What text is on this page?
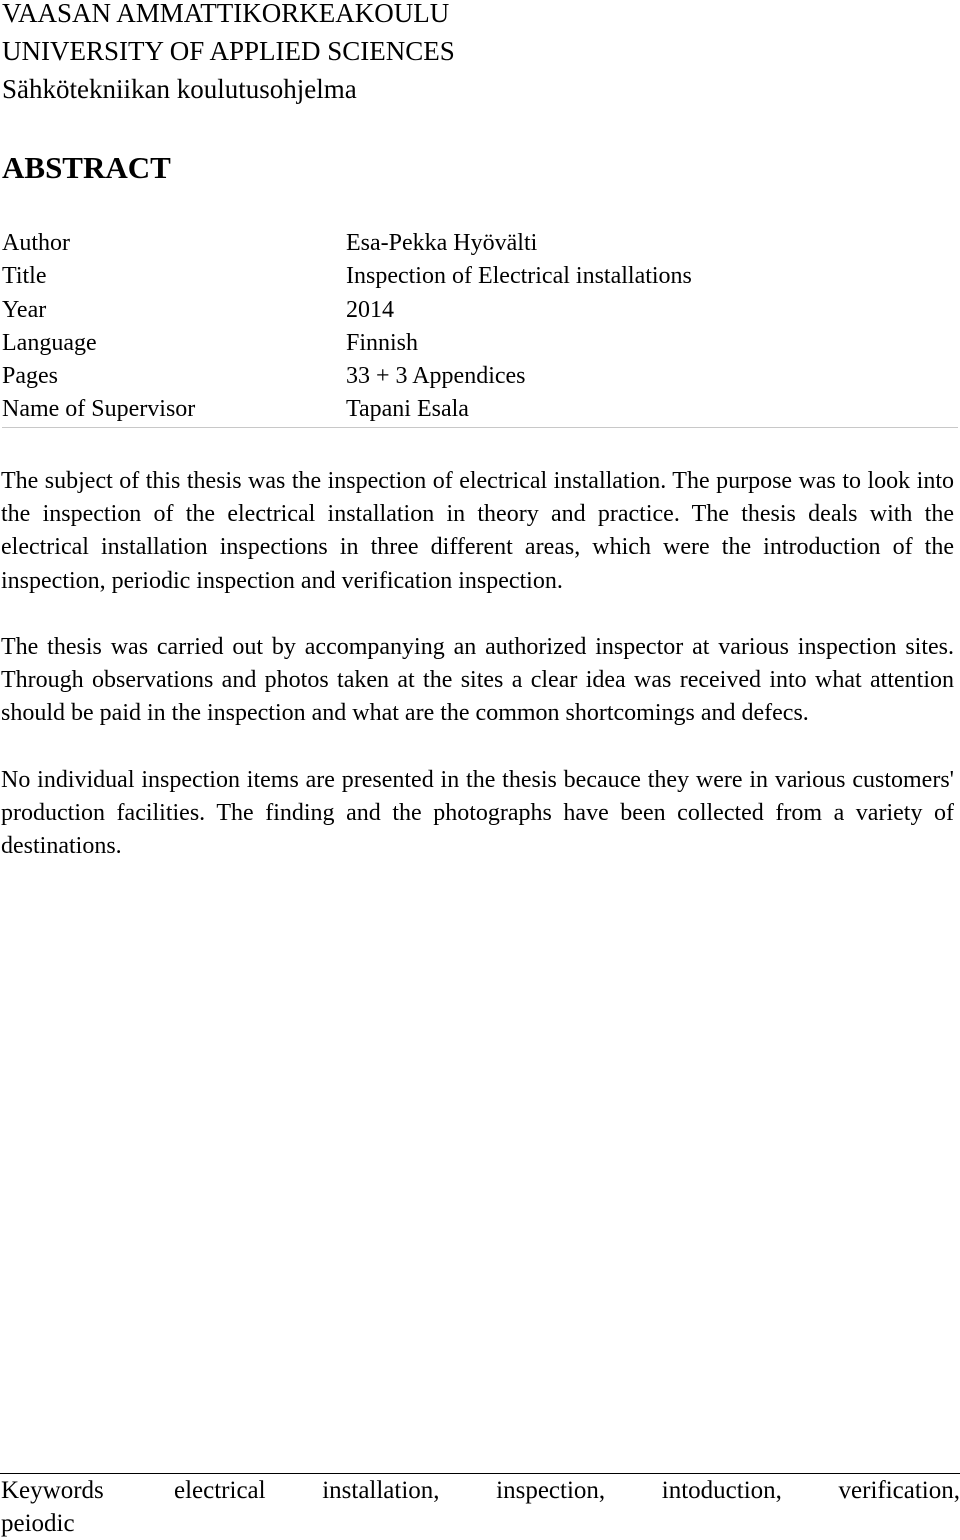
VAASAN AMMATTIKORKEAKOULU
UNIVERSITY OF APPLIED SCIENCES
Sähkötekniikan koulutusohjelma
ABSTRACT
Author	Esa-Pekka Hyövälti
Title	Inspection of Electrical installations
Year	2014
Language	Finnish
Pages	33 + 3 Appendices
Name of Supervisor	Tapani Esala

The subject of this thesis was the inspection of electrical installation. The purpose was to look into the inspection of the electrical installation in theory and practice. The thesis deals with the electrical installation inspections in three different areas, which were the introduction of the inspection, periodic inspection and verification inspection.

The thesis was carried out by accompanying an authorized inspector at various inspection sites. Through observations and photos taken at the sites a clear idea was received into what attention should be paid in the inspection and what are the common shortcomings and defecs.

No individual inspection items are presented in the thesis becauce they were in various customers' production facilities. The finding and the photographs have been collected from a variety of destinations.

Keywords	electrical installation, inspection, intoduction, verification,
peiodic
